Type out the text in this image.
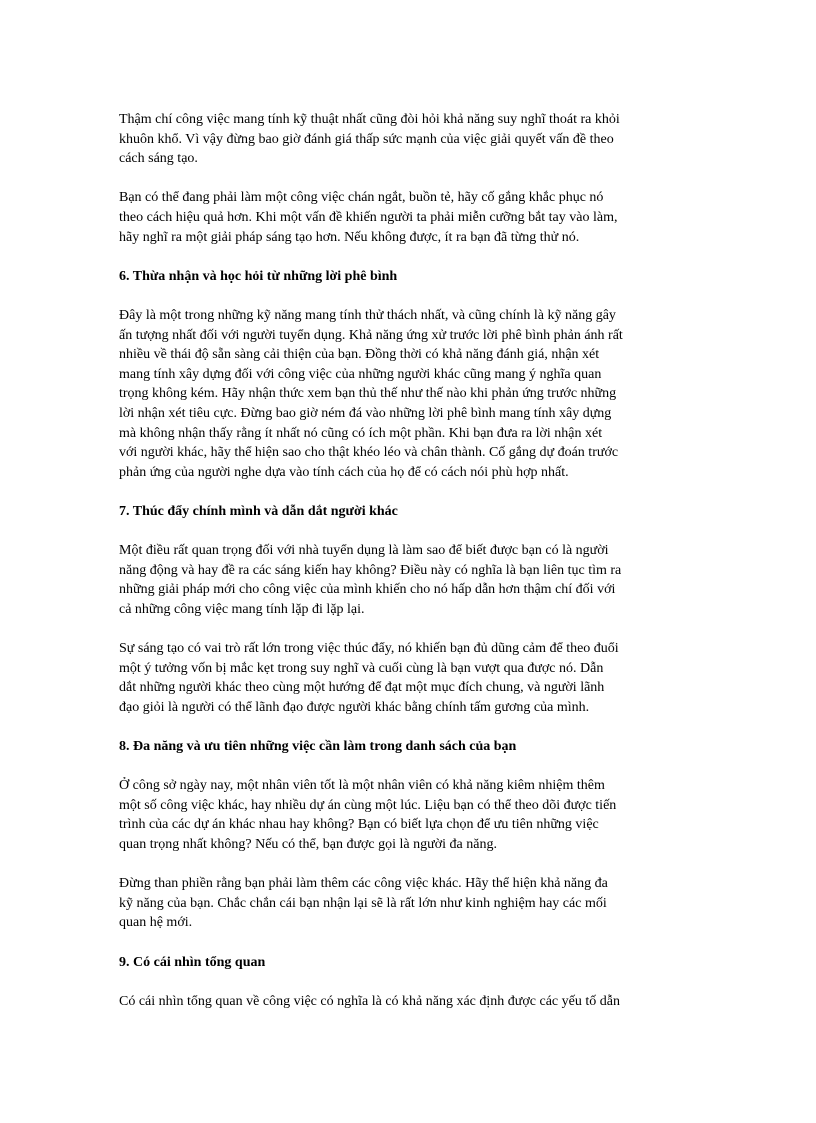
Thậm chí công việc mang tính kỹ thuật nhất cũng đòi hỏi khả năng suy nghĩ thoát ra khỏi
khuôn khổ. Vì vậy đừng bao giờ đánh giá thấp sức mạnh của việc giải quyết vấn đề theo
cách sáng tạo.

Bạn có thể đang phải làm một công việc chán ngắt, buồn tẻ, hãy cố gắng khắc phục nó
theo cách hiệu quả hơn. Khi một vấn đề khiến người ta phải miễn cưỡng bắt tay vào làm,
hãy nghĩ ra một giải pháp sáng tạo hơn. Nếu không được, ít ra bạn đã từng thử nó.

6. Thừa nhận và học hỏi từ những lời phê bình

Đây là một trong những kỹ năng mang tính thử thách nhất, và cũng chính là kỹ năng gây
ấn tượng nhất đối với người tuyển dụng. Khả năng ứng xử trước lời phê bình phản ánh rất
nhiều về thái độ sẵn sàng cải thiện của bạn. Đồng thời có khả năng đánh giá, nhận xét
mang tính xây dựng đối với công việc của những người khác cũng mang ý nghĩa quan
trọng không kém. Hãy nhận thức xem bạn thủ thế như thế nào khi phản ứng trước những
lời nhận xét tiêu cực. Đừng bao giờ ném đá vào những lời phê bình mang tính xây dựng
mà không nhận thấy rằng ít nhất nó cũng có ích một phần. Khi bạn đưa ra lời nhận xét
với người khác, hãy thể hiện sao cho thật khéo léo và chân thành. Cố gắng dự đoán trước
phản ứng của người nghe dựa vào tính cách của họ để có cách nói phù hợp nhất.

7. Thúc đẩy chính mình và dẫn dắt người khác

Một điều rất quan trọng đối với nhà tuyển dụng là làm sao để biết được bạn có là người
năng động và hay đề ra các sáng kiến hay không? Điều này có nghĩa là bạn liên tục tìm ra
những giải pháp mới cho công việc của mình khiến cho nó hấp dẫn hơn thậm chí đối với
cả những công việc mang tính lặp đi lặp lại.

Sự sáng tạo có vai trò rất lớn trong việc thúc đẩy, nó khiến bạn đủ dũng cảm để theo đuổi
một ý tưởng vốn bị mắc kẹt trong suy nghĩ và cuối cùng là bạn vượt qua được nó. Dẫn
dắt những người khác theo cùng một hướng để đạt một mục đích chung, và người lãnh
đạo giỏi là người có thể lãnh đạo được người khác bằng chính tấm gương của mình.

8. Đa năng và ưu tiên những việc cần làm trong danh sách của bạn

Ở công sở ngày nay, một nhân viên tốt là một nhân viên có khả năng kiêm nhiệm thêm
một số công việc khác, hay nhiều dự án cùng một lúc. Liệu bạn có thể theo dõi được tiến
trình của các dự án khác nhau hay không? Bạn có biết lựa chọn để ưu tiên những việc
quan trọng nhất không? Nếu có thể, bạn được gọi là người đa năng.

Đừng than phiền rằng bạn phải làm thêm các công việc khác. Hãy thể hiện khả năng đa
kỹ năng của bạn. Chắc chắn cái bạn nhận lại sẽ là rất lớn như kinh nghiệm hay các mối
quan hệ mới.

9. Có cái nhìn tổng quan

Có cái nhìn tổng quan về công việc có nghĩa là có khả năng xác định được các yếu tố dẫn
